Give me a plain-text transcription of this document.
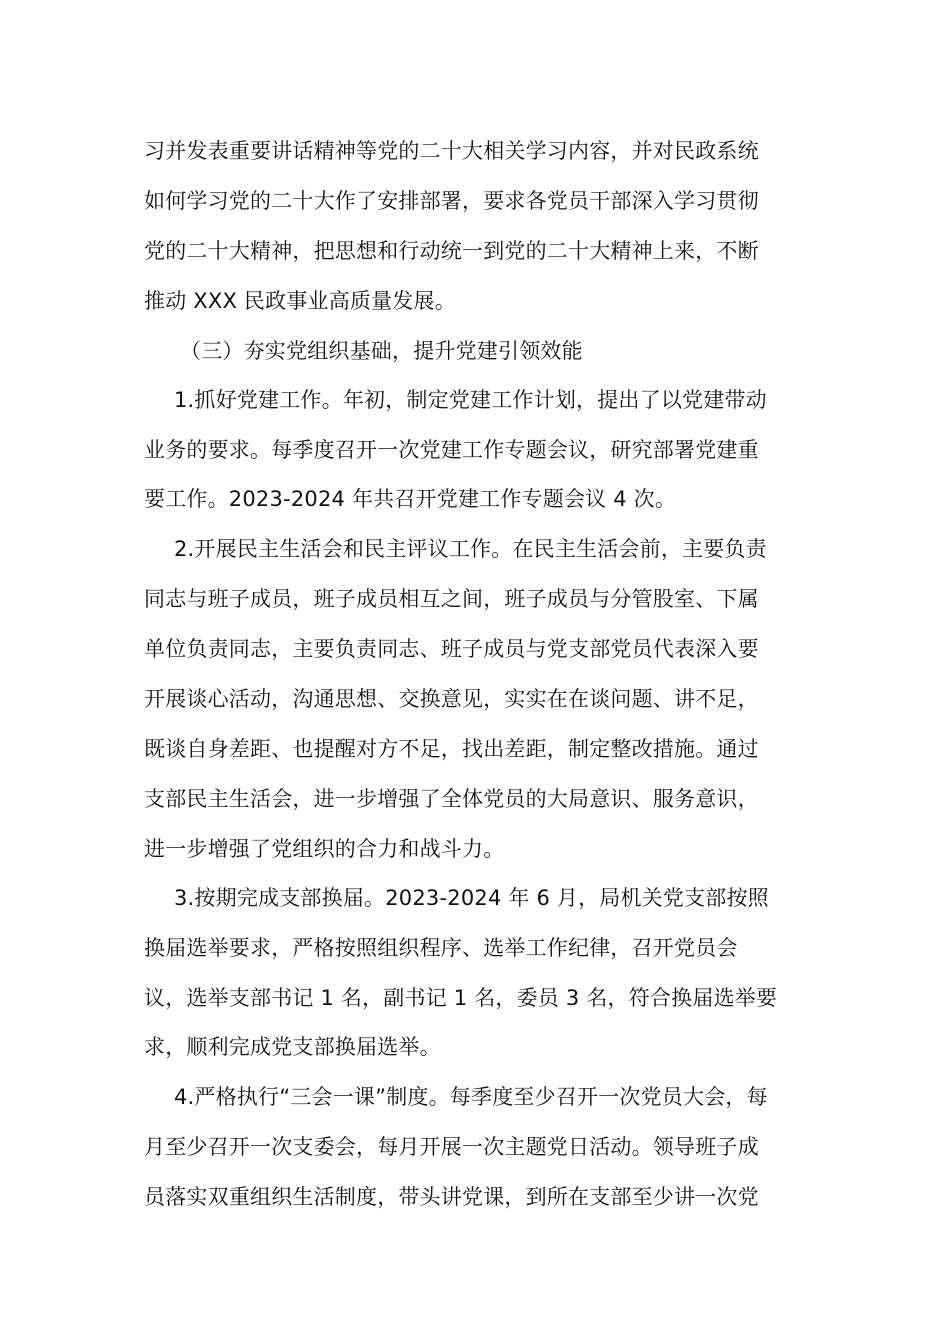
习并发表重要讲话精神等党的二十大相关学习内容，并对民政系统
如何学习党的二十大作了安排部署，要求各党员干部深入学习贯彻
党的二十大精神，把思想和行动统一到党的二十大精神上来，不断
推动 XXX 民政事业高质量发展。
（三）夯实党组织基础，提升党建引领效能
1.抓好党建工作。年初，制定党建工作计划，提出了以党建带动
业务的要求。每季度召开一次党建工作专题会议，研究部署党建重
要工作。2023-2024 年共召开党建工作专题会议 4 次。
2.开展民主生活会和民主评议工作。在民主生活会前，主要负责
同志与班子成员，班子成员相互之间，班子成员与分管股室、下属
单位负责同志，主要负责同志、班子成员与党支部党员代表深入要
开展谈心活动，沟通思想、交换意见，实实在在谈问题、讲不足，
既谈自身差距、也提醒对方不足，找出差距，制定整改措施。通过
支部民主生活会，进一步增强了全体党员的大局意识、服务意识，
进一步增强了党组织的合力和战斗力。
3.按期完成支部换届。2023-2024 年 6 月，局机关党支部按照
换届选举要求，严格按照组织程序、选举工作纪律，召开党员会
议，选举支部书记 1 名，副书记 1 名，委员 3 名，符合换届选举要
求，顺利完成党支部换届选举。
4.严格执行“三会一课”制度。每季度至少召开一次党员大会，每
月至少召开一次支委会，每月开展一次主题党日活动。领导班子成
员落实双重组织生活制度，带头讲党课，到所在支部至少讲一次党
